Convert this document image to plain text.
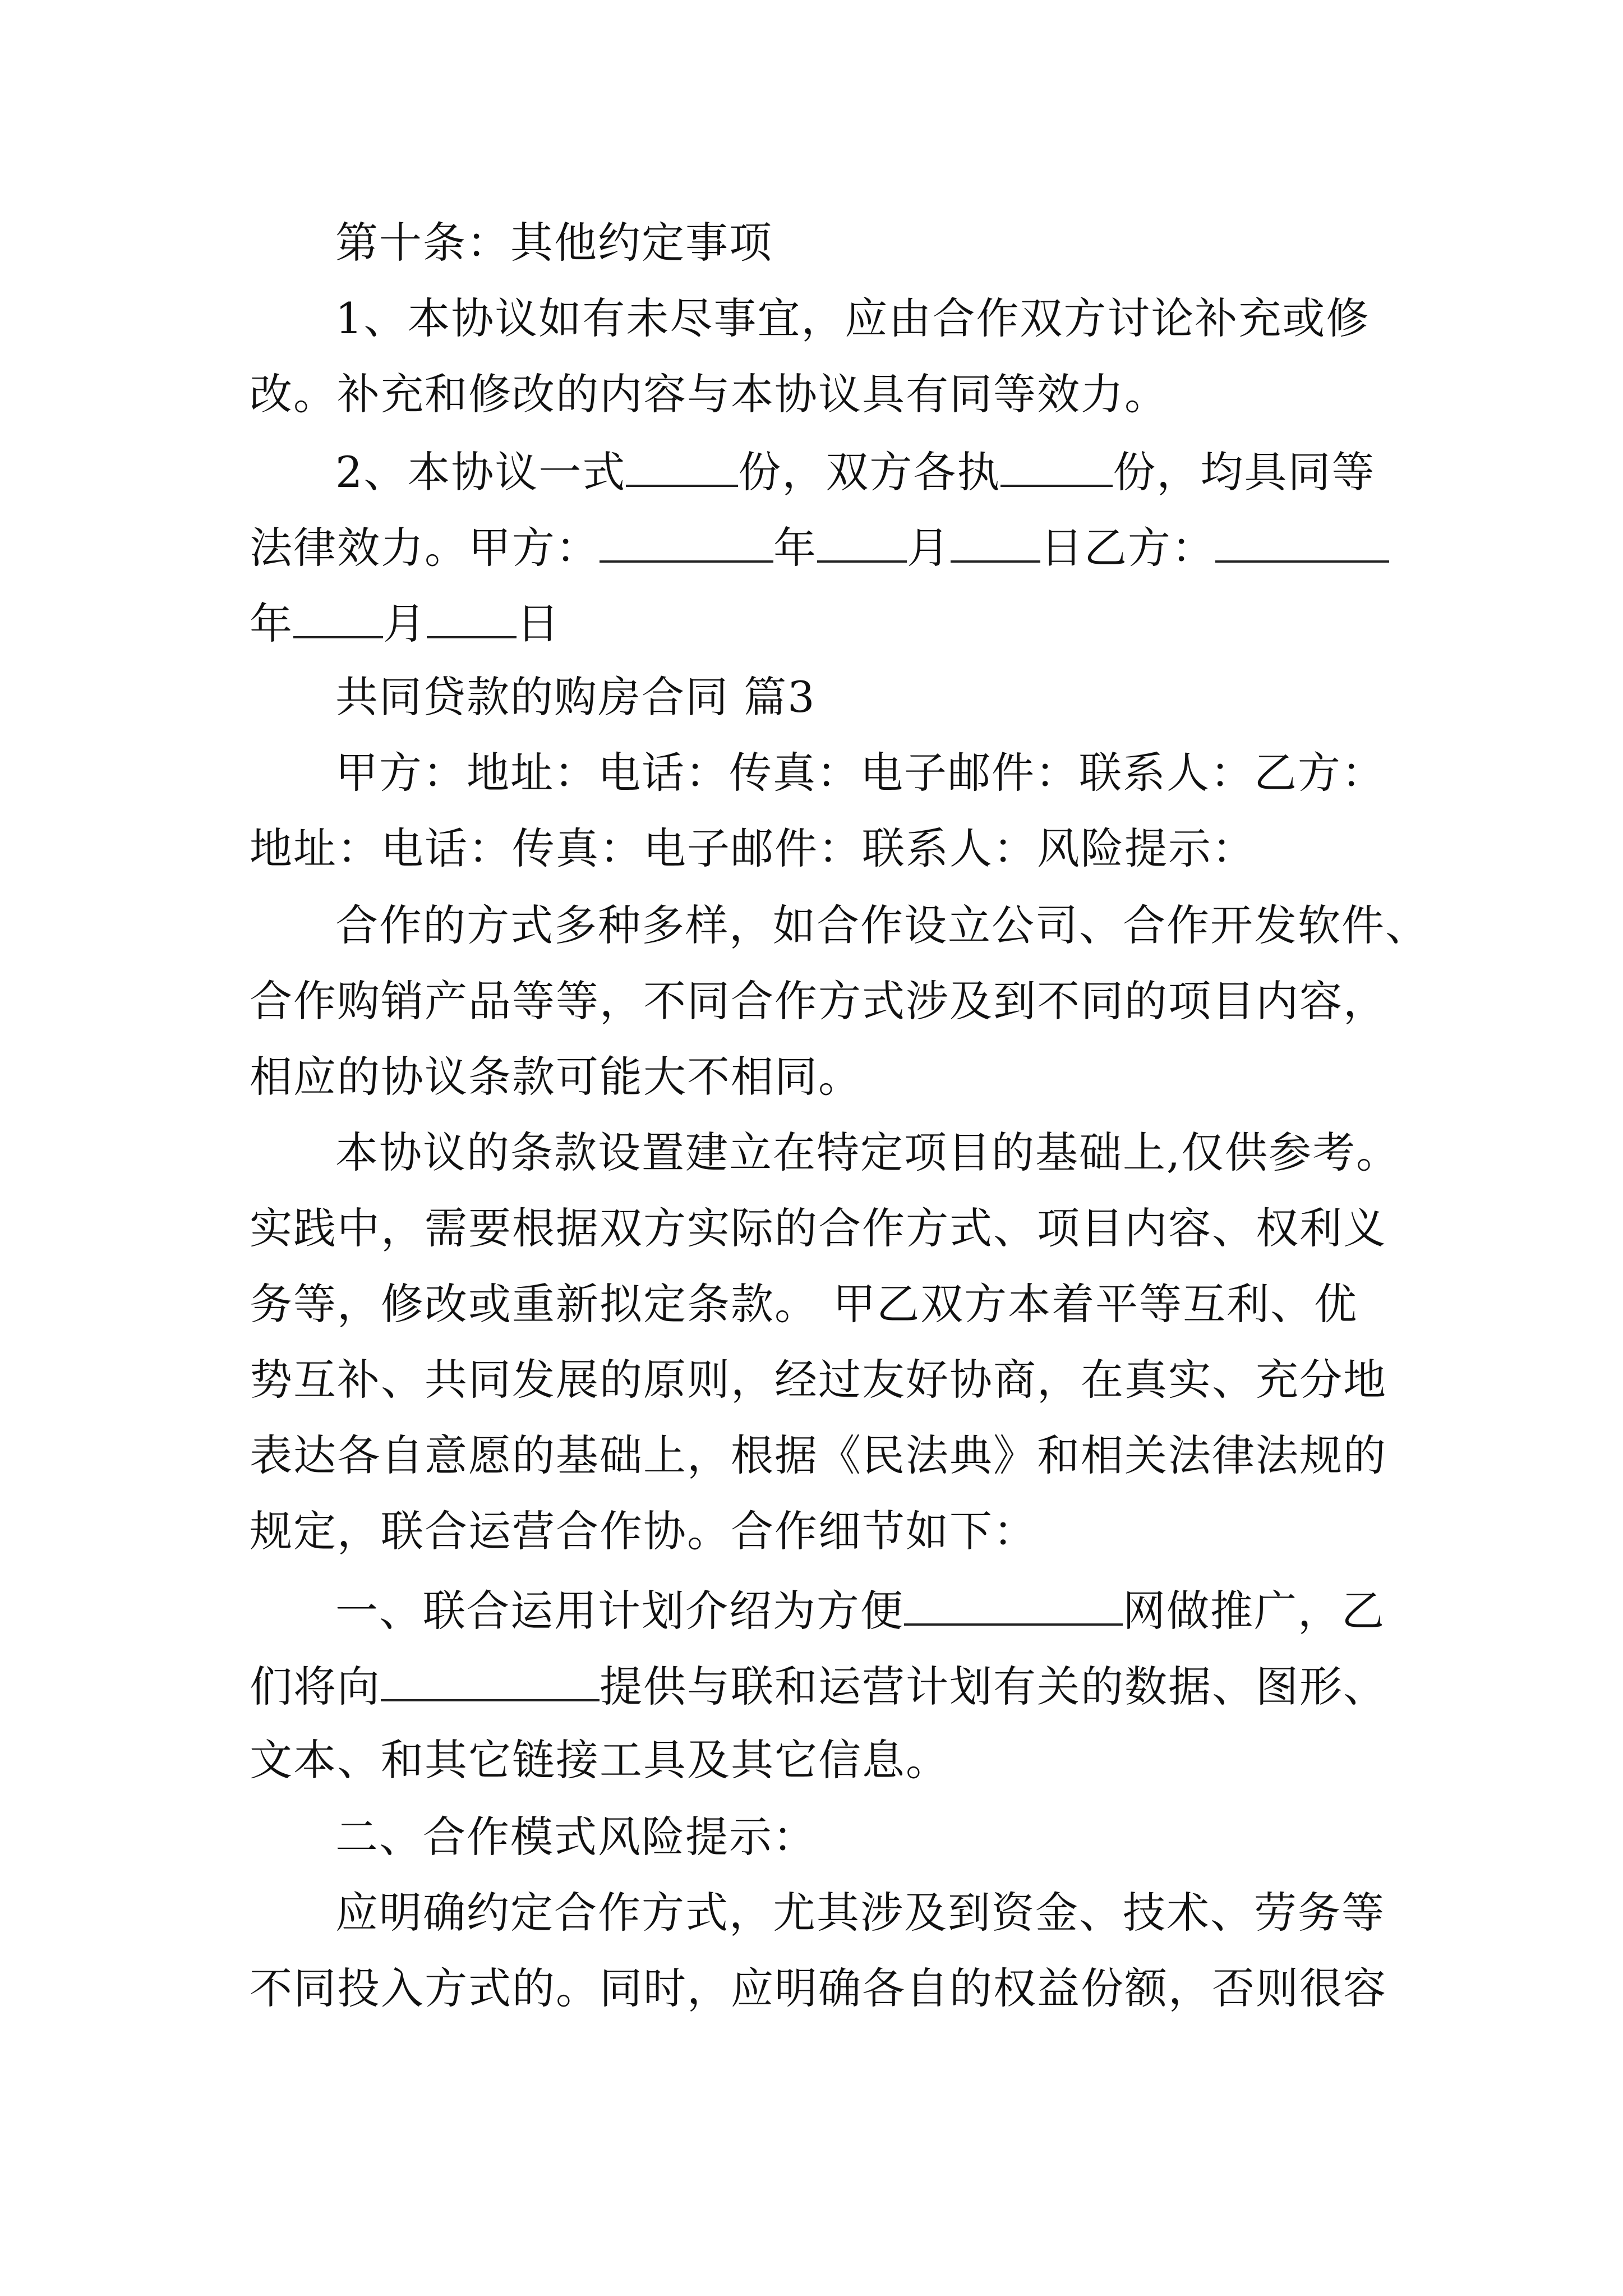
第十条：其他约定事项
1、本协议如有未尽事宜，应由合作双方讨论补充或修
改。补充和修改的内容与本协议具有同等效力。
2、本协议一式	份，双方各执	份，均具同等
法律效力。甲方：	年 月 日乙方：
年 月 日
共同贷款的购房合同 篇3
甲方：地址：电话：传真：电子邮件：联系人：乙方：
地址：电话：传真：电子邮件：联系人：风险提示：
合作的方式多种多样，如合作设立公司、合作开发软件、
合作购销产品等等，不同合作方式涉及到不同的项目内容，
相应的协议条款可能大不相同。
本协议的条款设置建立在特定项目的基础上,仅供参考。
实践中，需要根据双方实际的合作方式、项目内容、权利义
务等，修改或重新拟定条款。 甲乙双方本着平等互利、优
势互补、共同发展的原则，经过友好协商，在真实、充分地
表达各自意愿的基础上，根据《民法典》和相关法律法规的
规定，联合运营合作协。合作细节如下：
一、联合运用计划介绍为方便	网做推广，乙
们将向	提供与联和运营计划有关的数据、图形、
文本、和其它链接工具及其它信息。
二、合作模式风险提示：
应明确约定合作方式，尤其涉及到资金、技术、劳务等
不同投入方式的。同时，应明确各自的权益份额，否则很容
